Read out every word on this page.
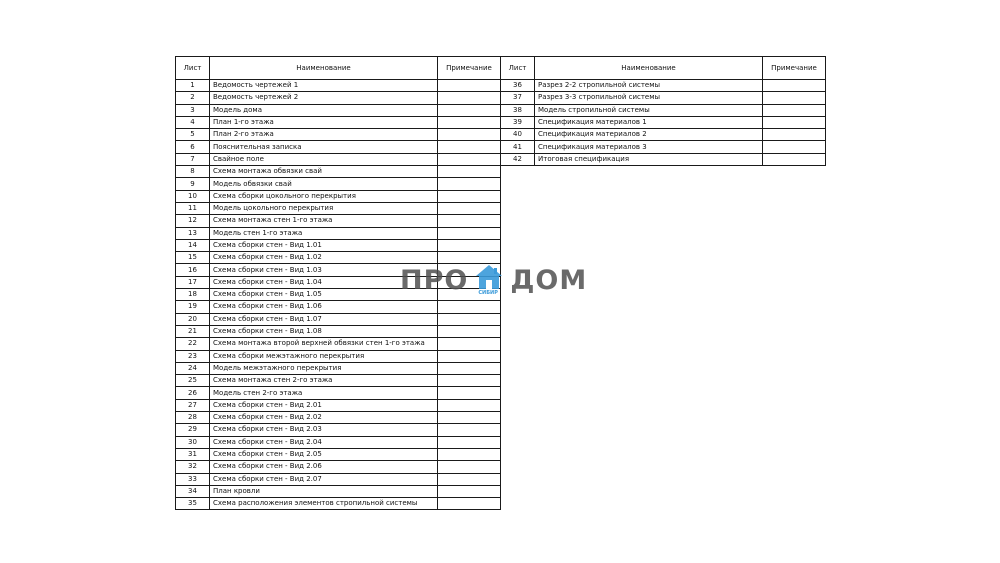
Лист	Наименование	Примечание
1	Ведомость чертежей 1	
2	Ведомость чертежей 2	
3	Модель дома	
4	План 1-го этажа	
5	План 2-го этажа	
6	Пояснительная записка	
7	Свайное поле	
8	Схема монтажа обвязки свай	
9	Модель обвязки свай	
10	Схема сборки цокольного перекрытия	
11	Модель цокольного перекрытия	
12	Схема монтажа стен 1-го этажа	
13	Модель стен 1-го этажа	
14	Схема сборки стен - Вид 1.01	
15	Схема сборки стен - Вид 1.02	
16	Схема сборки стен - Вид 1.03	
17	Схема сборки стен - Вид 1.04	
18	Схема сборки стен - Вид 1.05	
19	Схема сборки стен - Вид 1.06	
20	Схема сборки стен - Вид 1.07	
21	Схема сборки стен - Вид 1.08	
22	Схема монтажа второй верхней обвязки стен 1-го этажа	
23	Схема сборки межэтажного перекрытия	
24	Модель межэтажного перекрытия	
25	Схема монтажа стен 2-го этажа	
26	Модель стен 2-го этажа	
27	Схема сборки стен - Вид 2.01	
28	Схема сборки стен - Вид 2.02	
29	Схема сборки стен - Вид 2.03	
30	Схема сборки стен - Вид 2.04	
31	Схема сборки стен - Вид 2.05	
32	Схема сборки стен - Вид 2.06	
33	Схема сборки стен - Вид 2.07	
34	План кровли	
35	Схема расположения элементов стропильной системы	
Лист	Наименование	Примечание
36	Разрез 2-2 стропильной системы	
37	Разрез 3-3 стропильной системы	
38	Модель стропильной системы	
39	Спецификация материалов 1	
40	Спецификация материалов 2	
41	Спецификация материалов 3	
42	Итоговая спецификация	
ПРО СИБИР ДОМ
